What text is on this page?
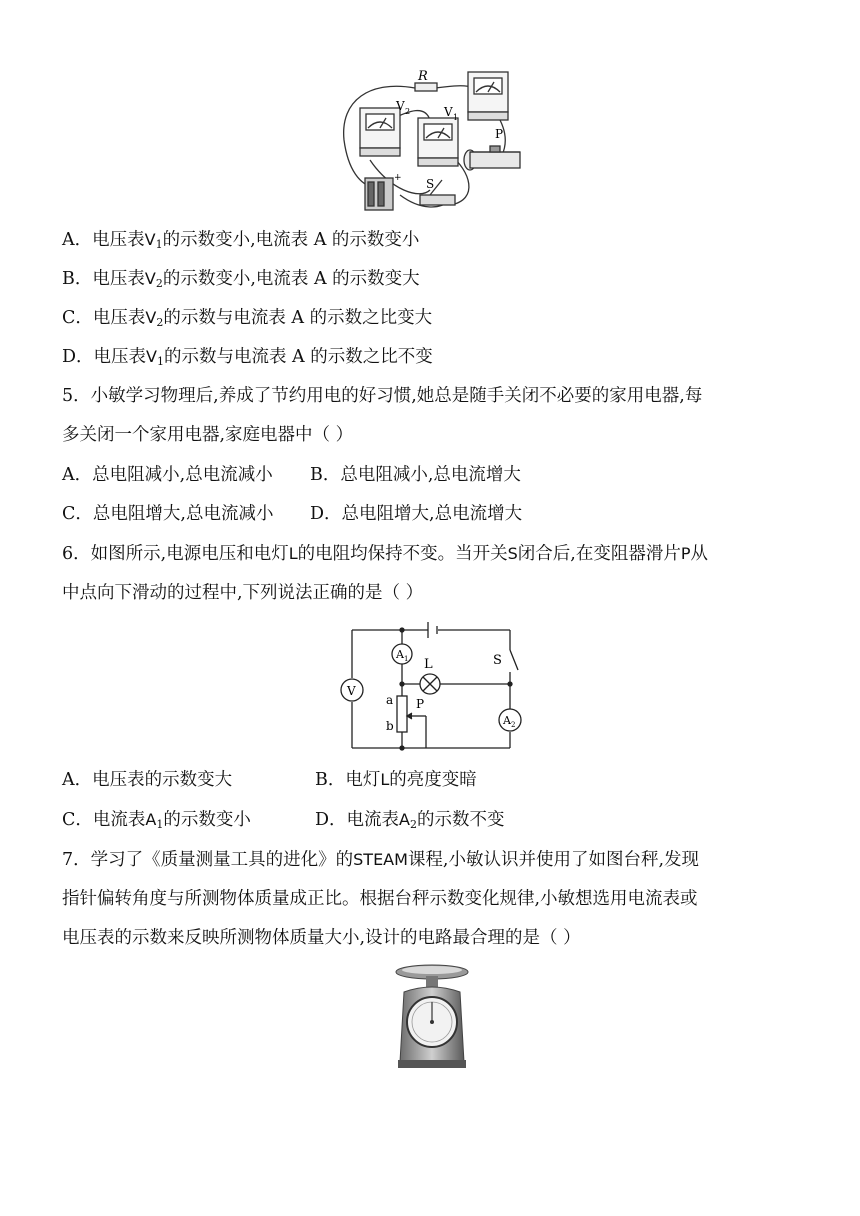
R
V 2	V 1
P
S
+
A．电压表$V_1$的示数变小,电流表 A 的示数变小
B．电压表$V_2$的示数变小,电流表 A 的示数变大
C．电压表$V_2$的示数与电流表 A 的示数之比变大
D．电压表$V_1$的示数与电流表 A 的示数之比不变
5．小敏学习物理后,养成了节约用电的好习惯,她总是随手关闭不必要的家用电器,每
多关闭一个家用电器,家庭电器中（ ）
A．总电阻减小,总电流减小 B．总电阻减小,总电流增大
C．总电阻增大,总电流减小 D．总电阻增大,总电流增大
6．如图所示,电源电压和电灯L的电阻均保持不变。当开关S闭合后,在变阻器滑片P从
中点向下滑动的过程中,下列说法正确的是（ ）
V
A 1
A 2
L	S
a
b
P
A．电压表的示数变大	B．电灯L的亮度变暗
C．电流表$A_1$的示数变小	D．电流表$A_2$的示数不变
7．学习了《质量测量工具的进化》的STEAM课程,小敏认识并使用了如图台秤,发现
指针偏转角度与所测物体质量成正比。根据台秤示数变化规律,小敏想选用电流表或
电压表的示数来反映所测物体质量大小,设计的电路最合理的是（ ）
